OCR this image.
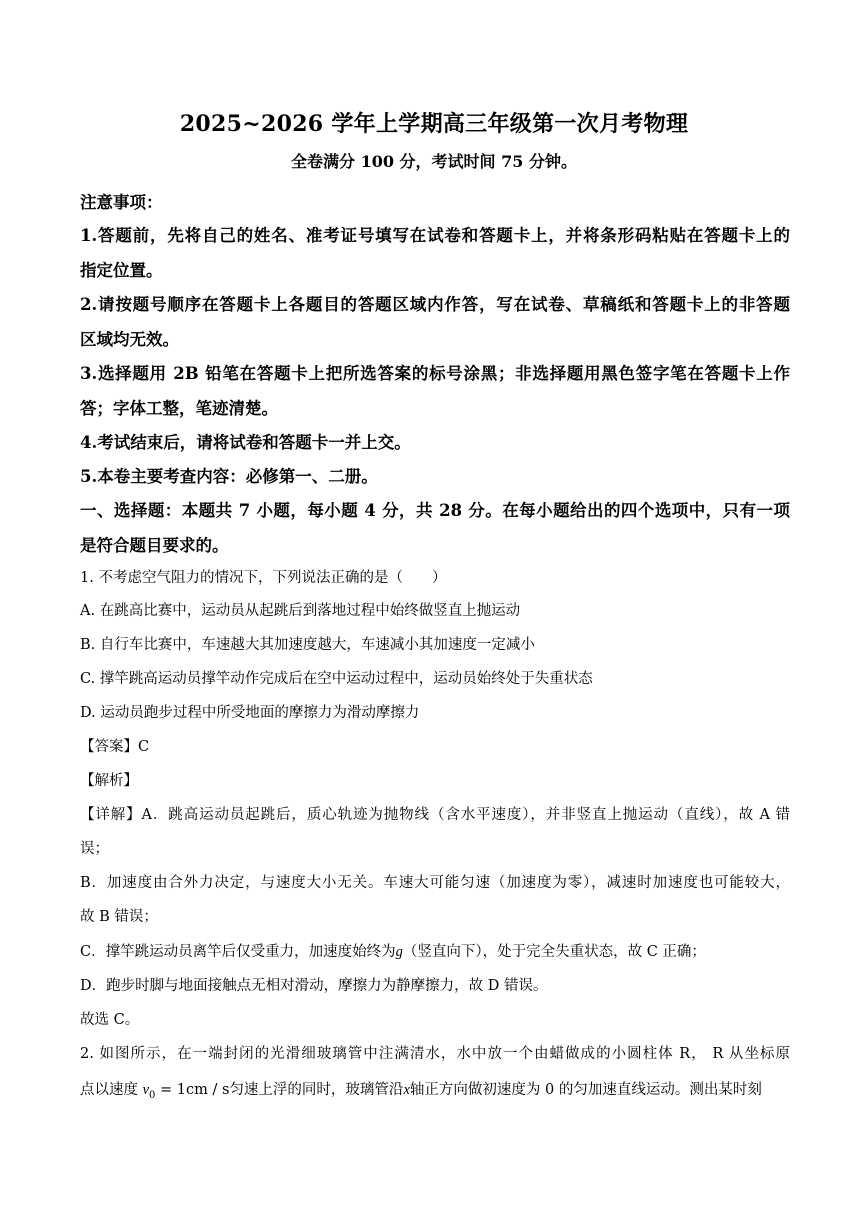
2025~2026 学年上学期高三年级第一次月考物理
全卷满分 100 分，考试时间 75 分钟。
注意事项：
1.答题前，先将自己的姓名、准考证号填写在试卷和答题卡上，并将条形码粘贴在答题卡上的
指定位置。
2.请按题号顺序在答题卡上各题目的答题区域内作答，写在试卷、草稿纸和答题卡上的非答题
区域均无效。
3.选择题用 2B 铅笔在答题卡上把所选答案的标号涂黑；非选择题用黑色签字笔在答题卡上作
答；字体工整，笔迹清楚。
4.考试结束后，请将试卷和答题卡一并上交。
5.本卷主要考查内容：必修第一、二册。
一、选择题：本题共 7 小题，每小题 4 分，共 28 分。在每小题给出的四个选项中，只有一项
是符合题目要求的。
1. 不考虑空气阻力的情况下，下列说法正确的是（　　）
A. 在跳高比赛中，运动员从起跳后到落地过程中始终做竖直上抛运动
B. 自行车比赛中，车速越大其加速度越大，车速减小其加速度一定减小
C. 撑竿跳高运动员撑竿动作完成后在空中运动过程中，运动员始终处于失重状态
D. 运动员跑步过程中所受地面的摩擦力为滑动摩擦力
【答案】C
【解析】
【详解】A．跳高运动员起跳后，质心轨迹为抛物线（含水平速度），并非竖直上抛运动（直线），故 A 错
误；
B．加速度由合外力决定，与速度大小无关。车速大可能匀速（加速度为零），减速时加速度也可能较大，
故 B 错误；
C．撑竿跳运动员离竿后仅受重力，加速度始终为g（竖直向下），处于完全失重状态，故 C 正确；
D．跑步时脚与地面接触点无相对滑动，摩擦力为静摩擦力，故 D 错误。
故选 C。
2. 如图所示，在一端封闭的光滑细玻璃管中注满清水，水中放一个由蜡做成的小圆柱体 R， R 从坐标原
点以速度 $v_0 = 1cm / s$匀速上浮的同时，玻璃管沿x轴正方向做初速度为 0 的匀加速直线运动。测出某时刻
